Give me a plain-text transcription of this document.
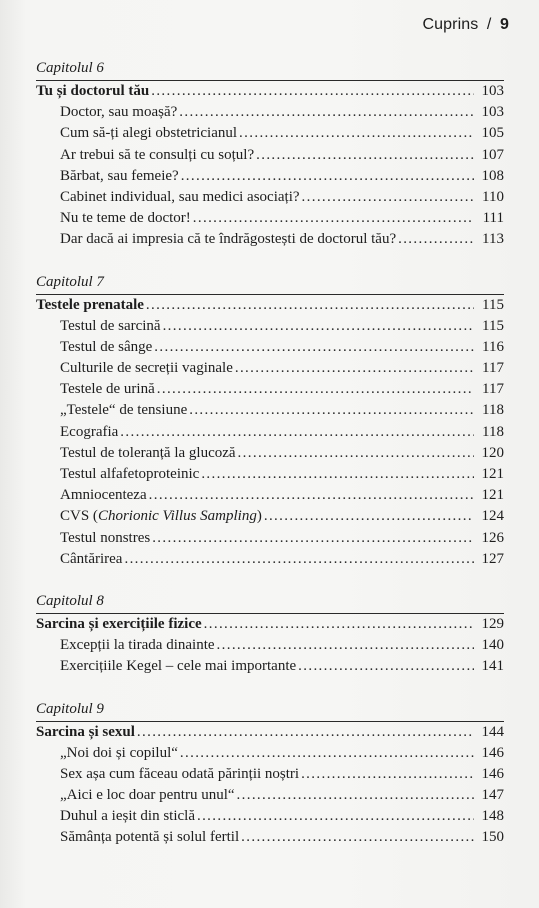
Cuprins / 9
Capitolul 6
Tu și doctorul tău . . .	103
Doctor, sau moașă? . . .	103
Cum să-ți alegi obstetricianul . . .	105
Ar trebui să te consulți cu soțul? . . .	107
Bărbat, sau femeie? . . .	108
Cabinet individual, sau medici asociați? . . .	110
Nu te teme de doctor! . . .	111
Dar dacă ai impresia că te îndrăgostești de doctorul tău? . . .	113
Capitolul 7
Testele prenatale . . .	115
Testul de sarcină . . .	115
Testul de sânge . . .	116
Culturile de secreții vaginale . . .	117
Testele de urină . . .	117
„Testele“ de tensiune . . .	118
Ecografia . . .	118
Testul de toleranță la glucoză . . .	120
Testul alfafetoproteinic . . .	121
Amniocenteza . . .	121
CVS (Chorionic Villus Sampling) . . .	124
Testul nonstres . . .	126
Cântărirea . . .	127
Capitolul 8
Sarcina și exercițiile fizice . . .	129
Excepții la tirada dinainte . . .	140
Exercițiile Kegel – cele mai importante . . .	141
Capitolul 9
Sarcina și sexul . . .	144
„Noi doi și copilul“ . . .	146
Sex așa cum făceau odată părinții noștri . . .	146
„Aici e loc doar pentru unul“ . . .	147
Duhul a ieșit din sticlă . . .	148
Sămânța potentă și solul fertil . . .	150
